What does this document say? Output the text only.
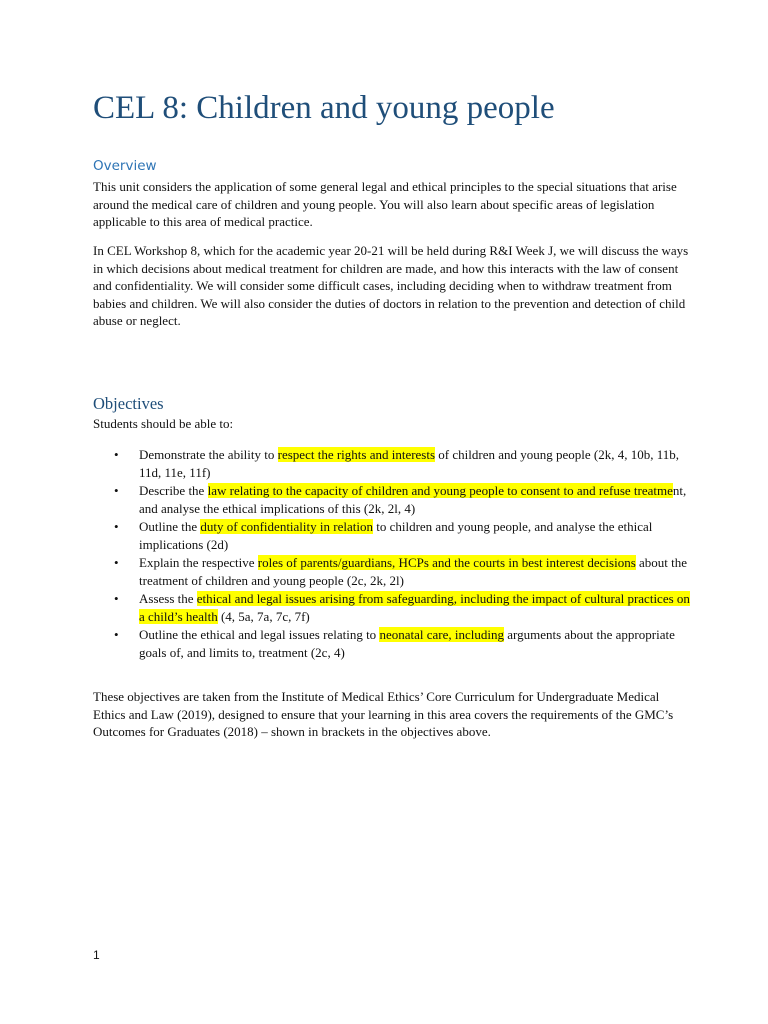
CEL 8: Children and young people
Overview

This unit considers the application of some general legal and ethical principles to the special situations that arise around the medical care of children and young people. You will also learn about specific areas of legislation applicable to this area of medical practice.

In CEL Workshop 8, which for the academic year 20-21 will be held during R&I Week J, we will discuss the ways in which decisions about medical treatment for children are made, and how this interacts with the law of consent and confidentiality. We will consider some difficult cases, including deciding when to withdraw treatment from babies and children. We will also consider the duties of doctors in relation to the prevention and detection of child abuse or neglect.

Objectives

Students should be able to:

• Demonstrate the ability to respect the rights and interests of children and young people (2k, 4, 10b, 11b, 11d, 11e, 11f)
• Describe the law relating to the capacity of children and young people to consent to and refuse treatment, and analyse the ethical implications of this (2k, 2l, 4)
• Outline the duty of confidentiality in relation to children and young people, and analyse the ethical implications (2d)
• Explain the respective roles of parents/guardians, HCPs and the courts in best interest decisions about the treatment of children and young people (2c, 2k, 2l)
• Assess the ethical and legal issues arising from safeguarding, including the impact of cultural practices on a child’s health (4, 5a, 7a, 7c, 7f)
• Outline the ethical and legal issues relating to neonatal care, including arguments about the appropriate goals of, and limits to, treatment (2c, 4)

These objectives are taken from the Institute of Medical Ethics’ Core Curriculum for Undergraduate Medical Ethics and Law (2019), designed to ensure that your learning in this area covers the requirements of the GMC’s Outcomes for Graduates (2018) – shown in brackets in the objectives above.

1
